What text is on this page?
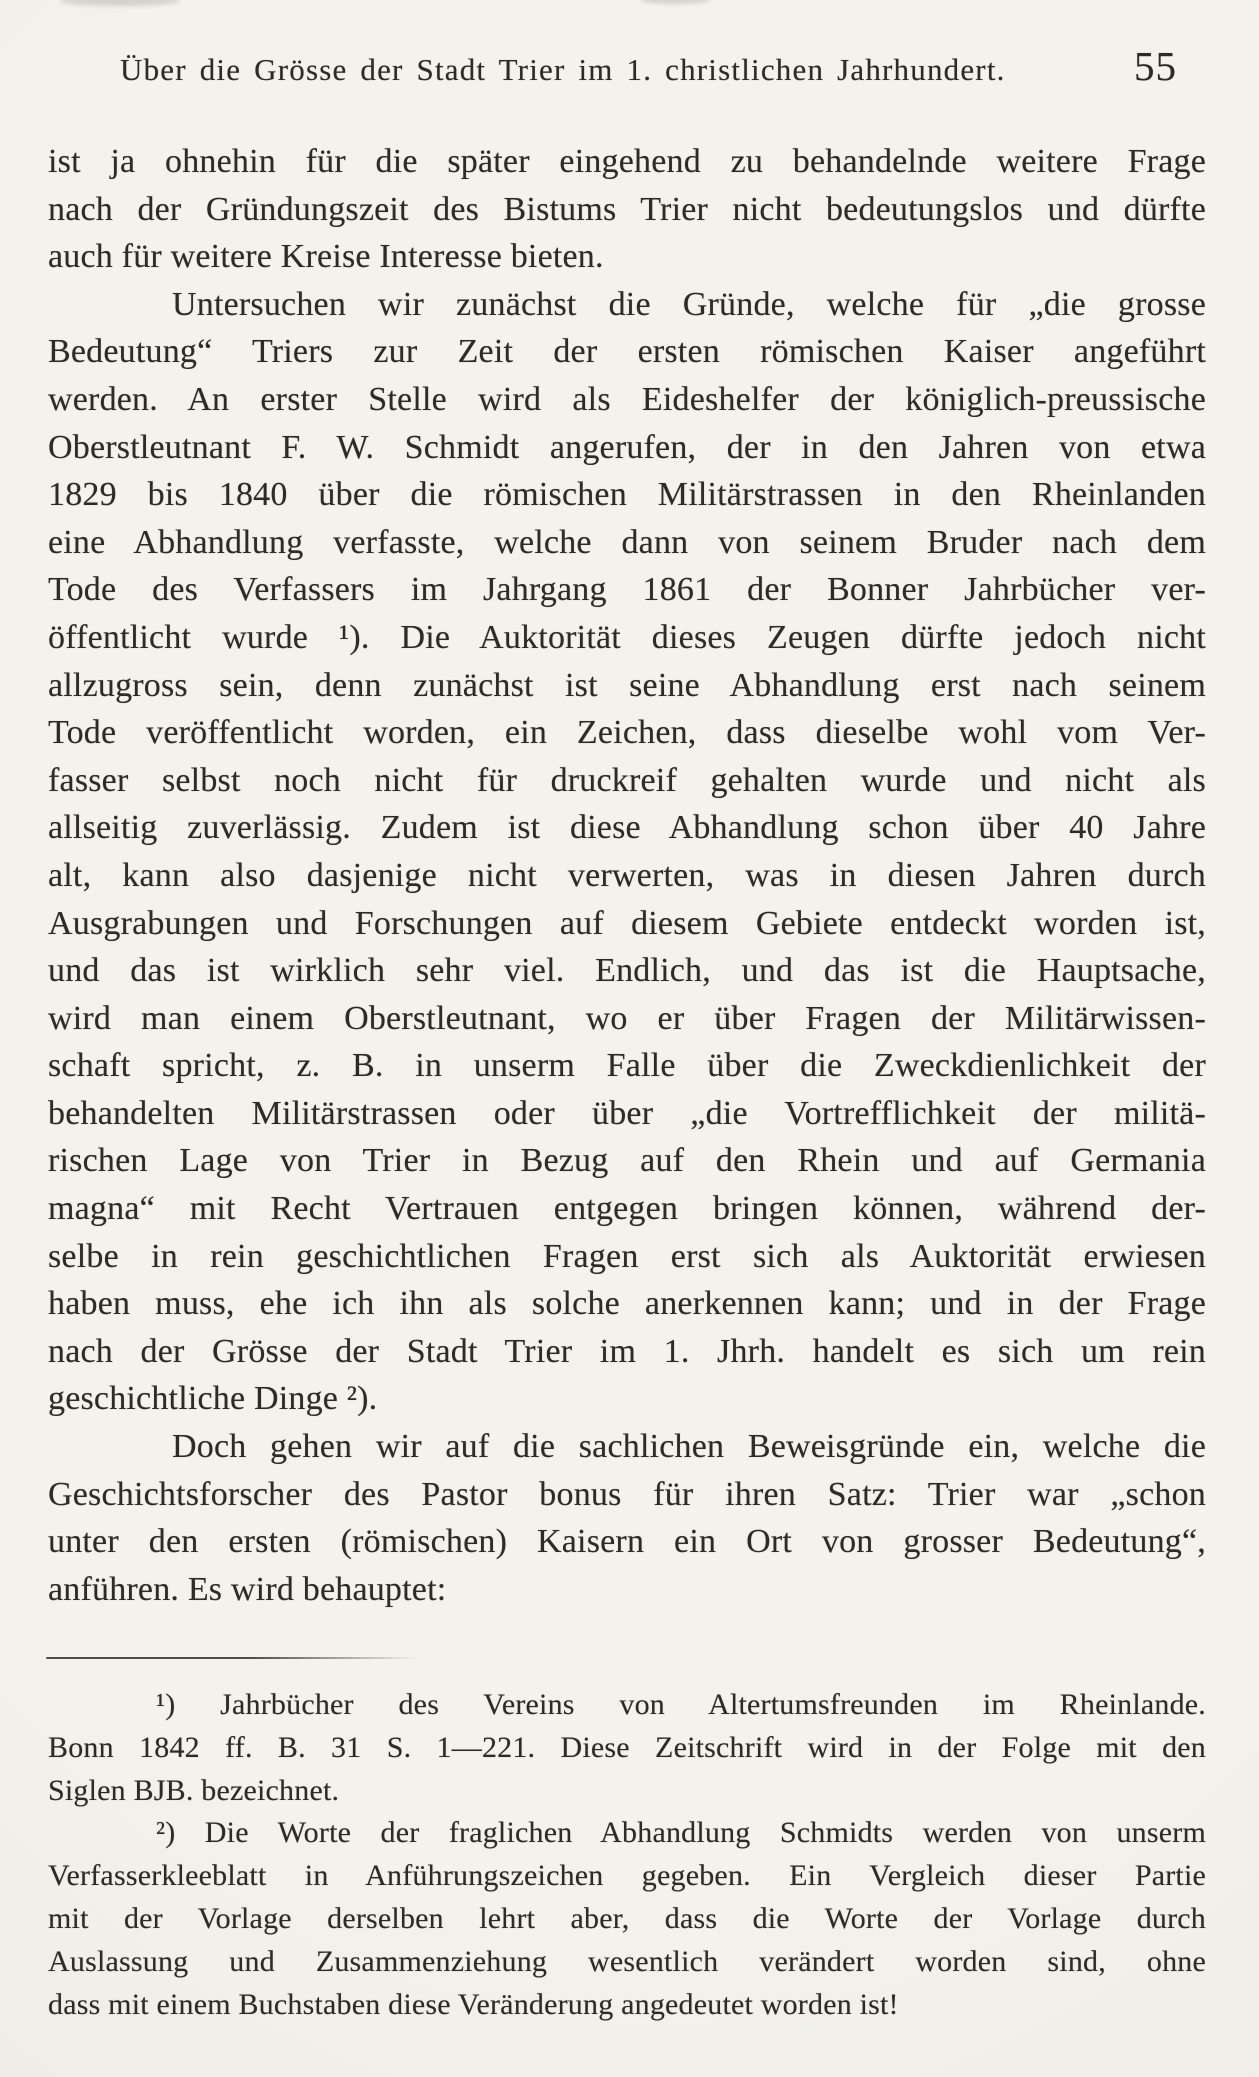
Über die Grösse der Stadt Trier im 1. christlichen Jahrhundert.	55
ist ja ohnehin für die später eingehend zu behandelnde weitere Frage
nach der Gründungszeit des Bistums Trier nicht bedeutungslos und dürfte
auch für weitere Kreise Interesse bieten.
Untersuchen wir zunächst die Gründe, welche für „die grosse
Bedeutung“ Triers zur Zeit der ersten römischen Kaiser angeführt
werden. An erster Stelle wird als Eideshelfer der königlich-preussische
Oberstleutnant F. W. Schmidt angerufen, der in den Jahren von etwa
1829 bis 1840 über die römischen Militärstrassen in den Rheinlanden
eine Abhandlung verfasste, welche dann von seinem Bruder nach dem
Tode des Verfassers im Jahrgang 1861 der Bonner Jahrbücher ver-
öffentlicht wurde ¹). Die Auktorität dieses Zeugen dürfte jedoch nicht
allzugross sein, denn zunächst ist seine Abhandlung erst nach seinem
Tode veröffentlicht worden, ein Zeichen, dass dieselbe wohl vom Ver-
fasser selbst noch nicht für druckreif gehalten wurde und nicht als
allseitig zuverlässig. Zudem ist diese Abhandlung schon über 40 Jahre
alt, kann also dasjenige nicht verwerten, was in diesen Jahren durch
Ausgrabungen und Forschungen auf diesem Gebiete entdeckt worden ist,
und das ist wirklich sehr viel. Endlich, und das ist die Hauptsache,
wird man einem Oberstleutnant, wo er über Fragen der Militärwissen-
schaft spricht, z. B. in unserm Falle über die Zweckdienlichkeit der
behandelten Militärstrassen oder über „die Vortrefflichkeit der militä-
rischen Lage von Trier in Bezug auf den Rhein und auf Germania
magna“ mit Recht Vertrauen entgegen bringen können, während der-
selbe in rein geschichtlichen Fragen erst sich als Auktorität erwiesen
haben muss, ehe ich ihn als solche anerkennen kann; und in der Frage
nach der Grösse der Stadt Trier im 1. Jhrh. handelt es sich um rein
geschichtliche Dinge ²).
Doch gehen wir auf die sachlichen Beweisgründe ein, welche die
Geschichtsforscher des Pastor bonus für ihren Satz: Trier war „schon
unter den ersten (römischen) Kaisern ein Ort von grosser Bedeutung“,
anführen. Es wird behauptet:
¹) Jahrbücher des Vereins von Altertumsfreunden im Rheinlande.
Bonn 1842 ff. B. 31 S. 1—221. Diese Zeitschrift wird in der Folge mit den
Siglen BJB. bezeichnet.
²) Die Worte der fraglichen Abhandlung Schmidts werden von unserm
Verfasserkleeblatt in Anführungszeichen gegeben. Ein Vergleich dieser Partie
mit der Vorlage derselben lehrt aber, dass die Worte der Vorlage durch
Auslassung und Zusammenziehung wesentlich verändert worden sind, ohne
dass mit einem Buchstaben diese Veränderung angedeutet worden ist!
